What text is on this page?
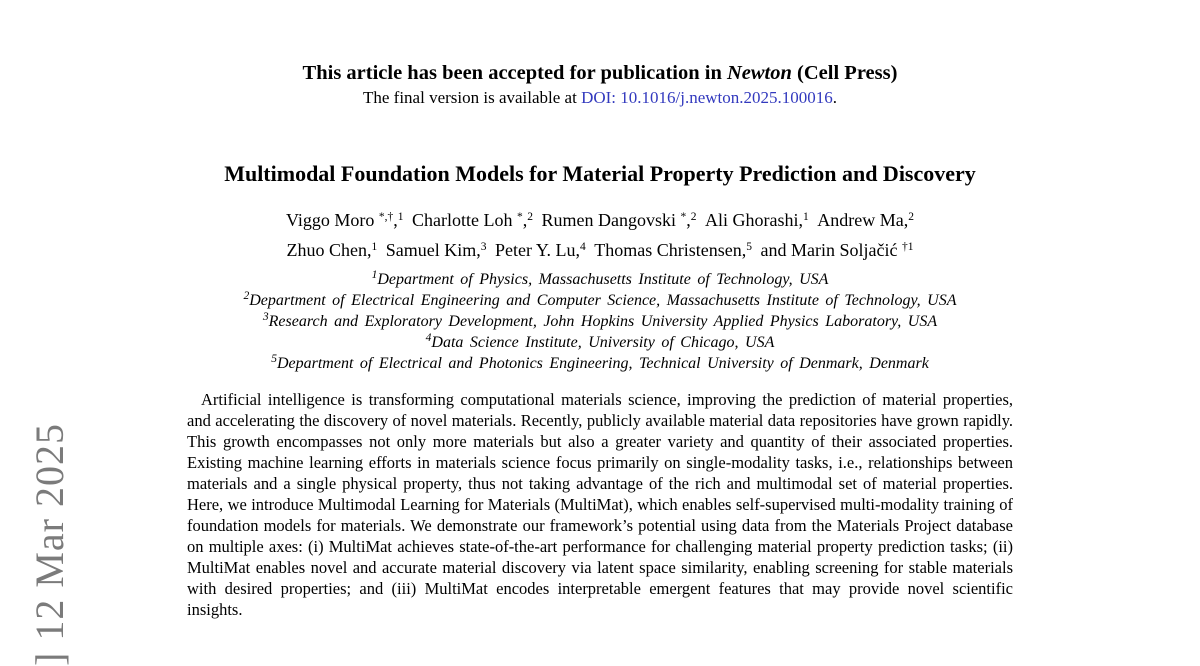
] 12 Mar 2025
This article has been accepted for publication in Newton (Cell Press)
The final version is available at DOI: 10.1016/j.newton.2025.100016.
Multimodal Foundation Models for Material Property Prediction and Discovery
Viggo Moro *,†,$^1$ Charlotte Loh *,$^2$ Rumen Dangovski *,$^2$ Ali Ghorashi,$^1$ Andrew Ma,$^2$
Zhuo Chen,$^1$ Samuel Kim,$^3$ Peter Y. Lu,$^4$ Thomas Christensen,$^5$ and Marin Soljačić $^{\dagger 1}$
$^1$Department of Physics, Massachusetts Institute of Technology, USA
$^2$Department of Electrical Engineering and Computer Science, Massachusetts Institute of Technology, USA
$^3$Research and Exploratory Development, John Hopkins University Applied Physics Laboratory, USA
$^4$Data Science Institute, University of Chicago, USA
$^5$Department of Electrical and Photonics Engineering, Technical University of Denmark, Denmark

Artificial intelligence is transforming computational materials science, improving the prediction of material properties, and accelerating the discovery of novel materials. Recently, publicly available material data repositories have grown rapidly. This growth encompasses not only more materials but also a greater variety and quantity of their associated properties. Existing machine learning efforts in materials science focus primarily on single-modality tasks, i.e., relationships between materials and a single physical property, thus not taking advantage of the rich and multimodal set of material properties. Here, we introduce Multimodal Learning for Materials (MultiMat), which enables self-supervised multi-modality training of foundation models for materials. We demonstrate our framework’s potential using data from the Materials Project database on multiple axes: (i) MultiMat achieves state-of-the-art performance for challenging material property prediction tasks; (ii) MultiMat enables novel and accurate material discovery via latent space similarity, enabling screening for stable materials with desired properties; and (iii) MultiMat encodes interpretable emergent features that may provide novel scientific insights.
